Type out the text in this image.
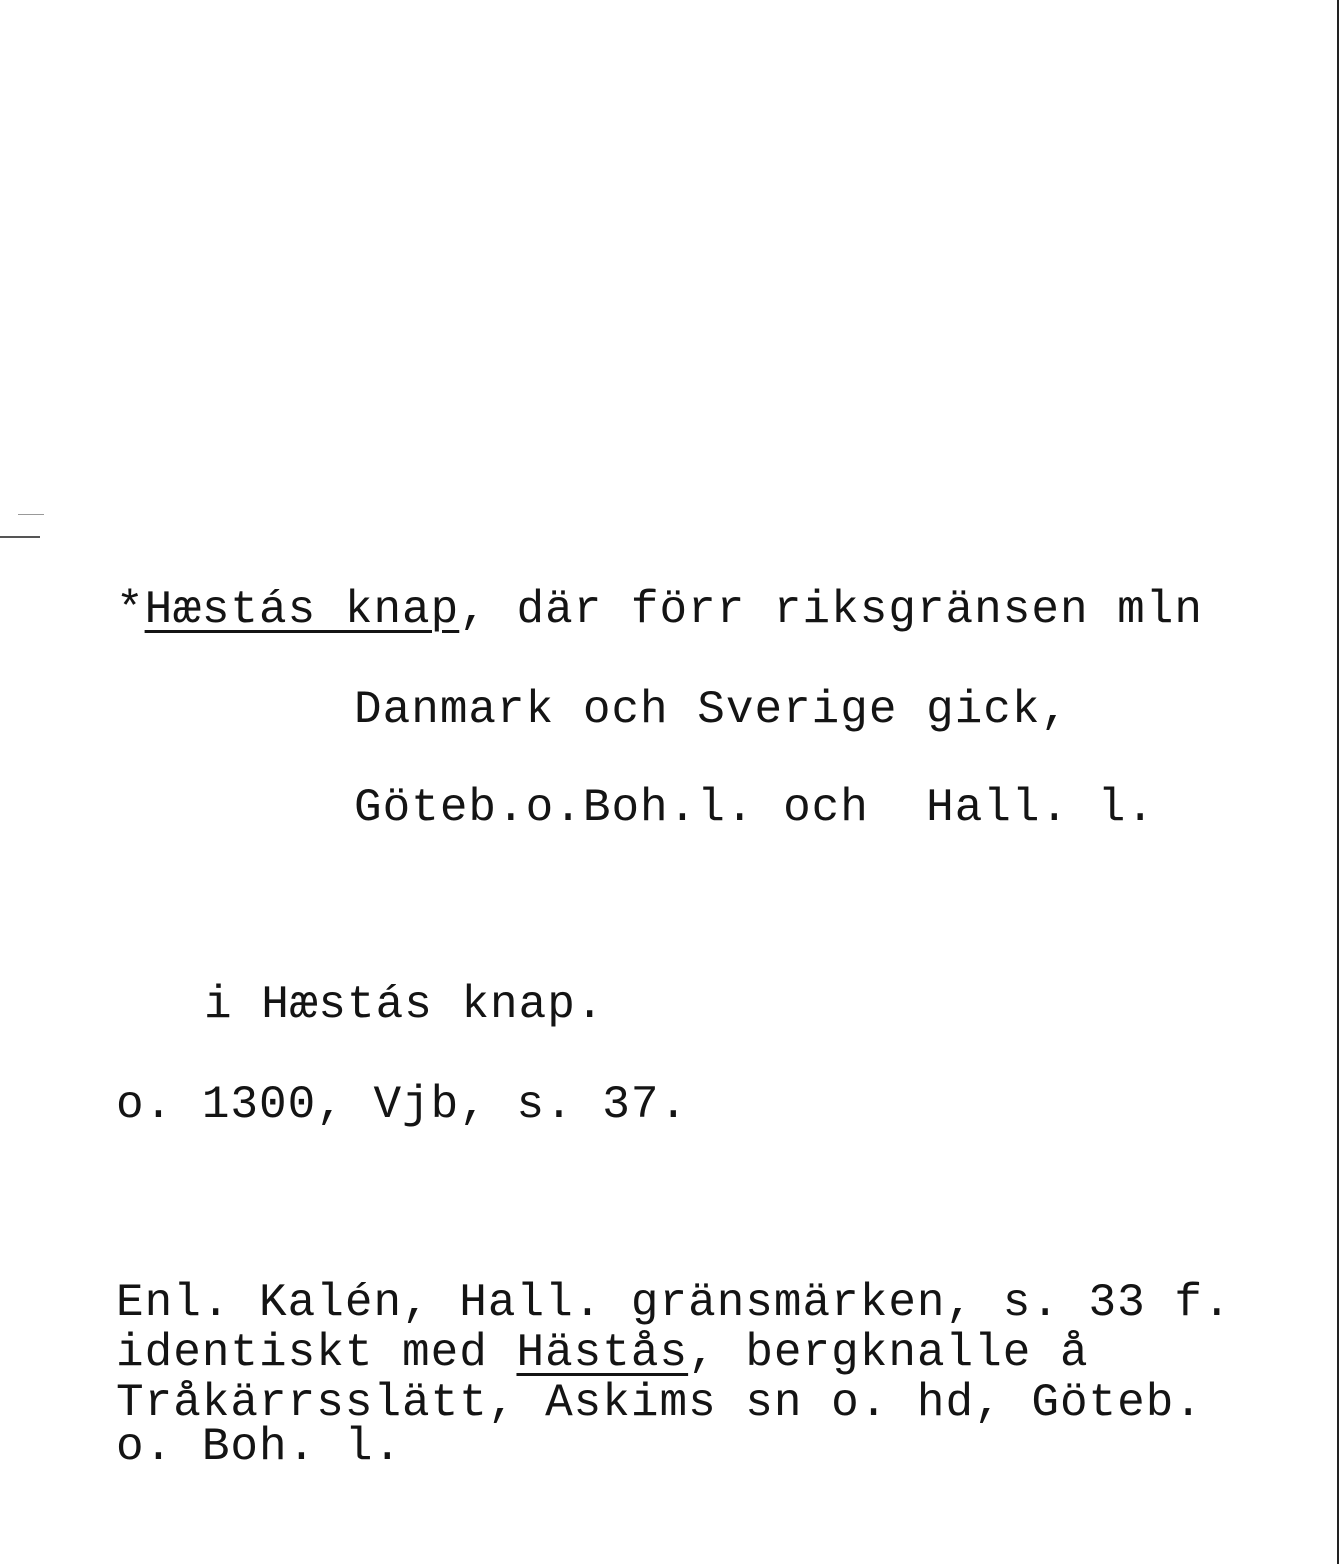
*Hæstás knap, där förr riksgränsen mln
Danmark och Sverige gick,
Göteb.o.Boh.l. och  Hall. l.
i Hæstás knap.
o. 1300, Vjb, s. 37.
Enl. Kalén, Hall. gränsmärken, s. 33 f.
identiskt med Hästås, bergknalle å
Tråkärrsslätt, Askims sn o. hd, Göteb.
o. Boh. l.
